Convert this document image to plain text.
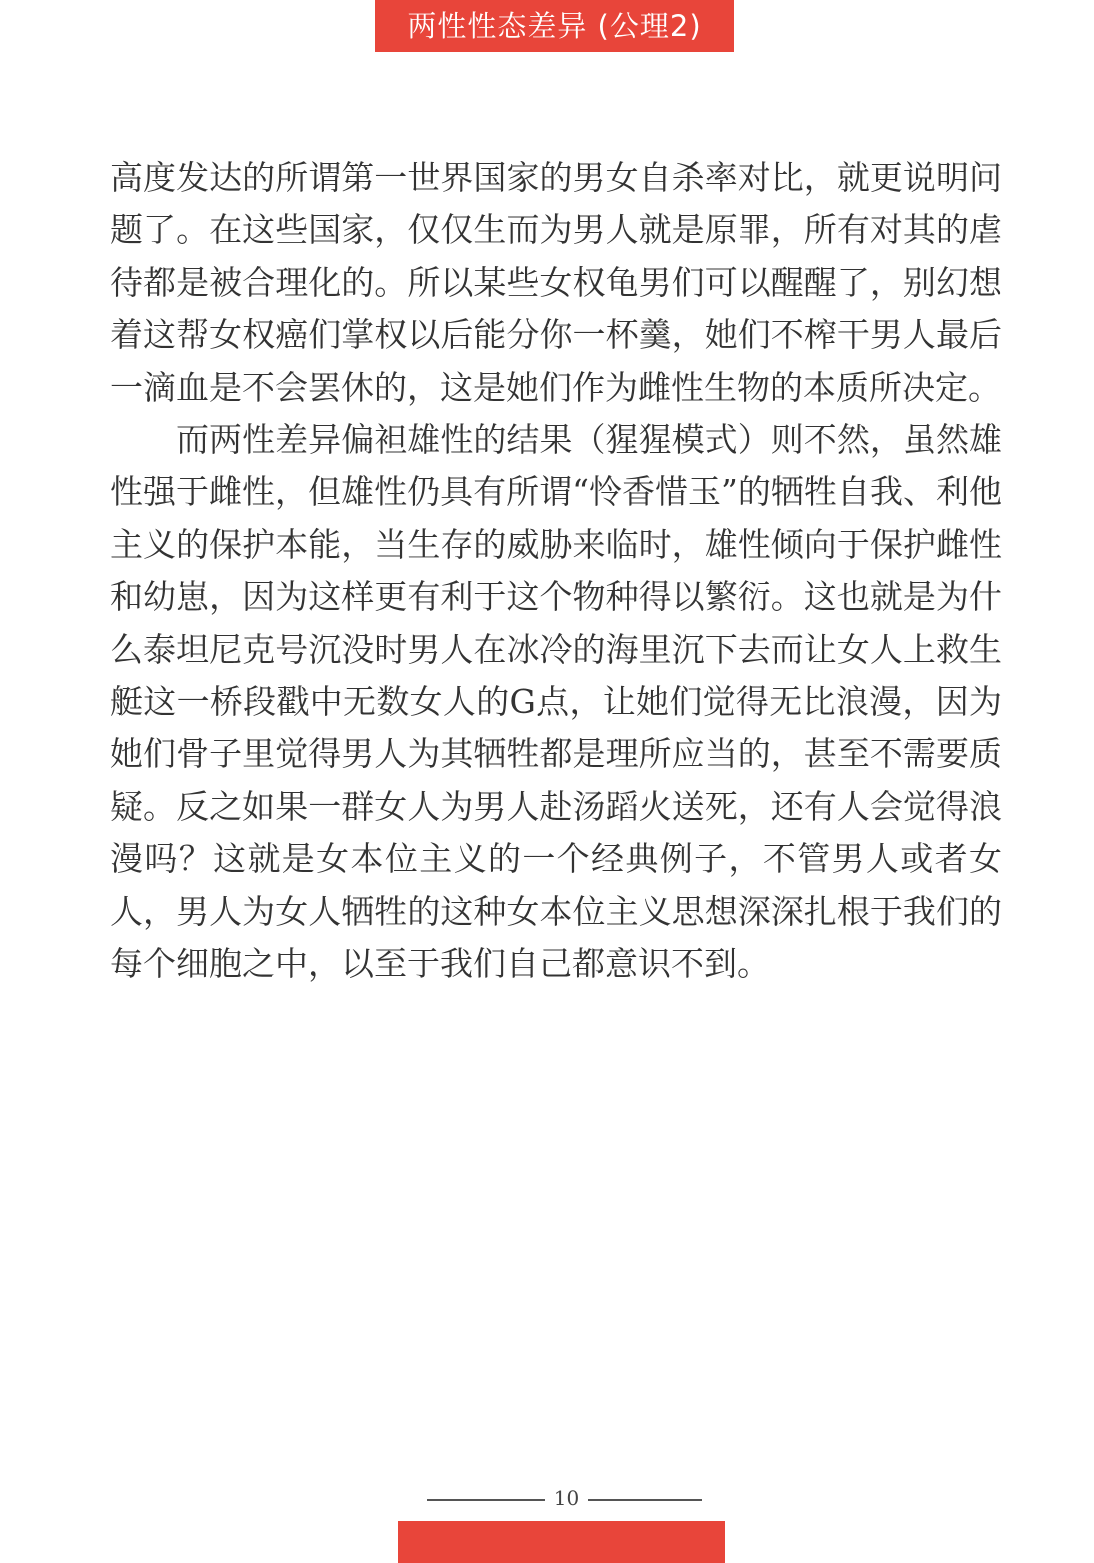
两性性态差异 (公理2)

高度发达的所谓第一世界国家的男女自杀率对比，就更说明问题了。在这些国家，仅仅生而为男人就是原罪，所有对其的虐待都是被合理化的。所以某些女权龟男们可以醒醒了，别幻想着这帮女权癌们掌权以后能分你一杯羹，她们不榨干男人最后一滴血是不会罢休的，这是她们作为雌性生物的本质所决定。

而两性差异偏袒雄性的结果（猩猩模式）则不然，虽然雄性强于雌性，但雄性仍具有所谓“怜香惜玉”的牺牲自我、利他主义的保护本能，当生存的威胁来临时，雄性倾向于保护雌性和幼崽，因为这样更有利于这个物种得以繁衍。这也就是为什么泰坦尼克号沉没时男人在冰冷的海里沉下去而让女人上救生艇这一桥段戳中无数女人的G点，让她们觉得无比浪漫，因为她们骨子里觉得男人为其牺牲都是理所应当的，甚至不需要质疑。反之如果一群女人为男人赴汤蹈火送死，还有人会觉得浪漫吗？这就是女本位主义的一个经典例子，不管男人或者女人，男人为女人牺牲的这种女本位主义思想深深扎根于我们的每个细胞之中，以至于我们自己都意识不到。

10
